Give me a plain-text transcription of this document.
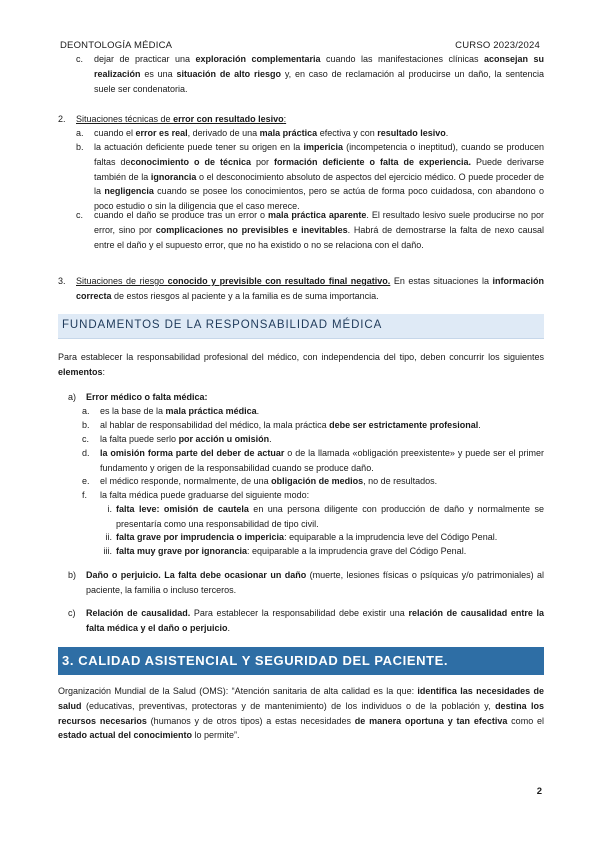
DEONTOLOGÍA MÉDICA	CURSO 2023/2024
c. dejar de practicar una exploración complementaria cuando las manifestaciones clínicas aconsejan su realización es una situación de alto riesgo y, en caso de reclamación al producirse un daño, la sentencia suele ser condenatoria.
2. Situaciones técnicas de error con resultado lesivo:
a. cuando el error es real, derivado de una mala práctica efectiva y con resultado lesivo.
b. la actuación deficiente puede tener su origen en la impericia (incompetencia o ineptitud), cuando se producen faltas deconocimiento o de técnica por formación deficiente o falta de experiencia. Puede derivarse también de la ignorancia o el desconocimiento absoluto de aspectos del ejercicio médico. O puede proceder de la negligencia cuando se posee los conocimientos, pero se actúa de forma poco cuidadosa, con abandono o poco estudio o sin la diligencia que el caso merece.
c. cuando el daño se produce tras un error o mala práctica aparente. El resultado lesivo suele producirse no por error, sino por complicaciones no previsibles e inevitables. Habrá de demostrarse la falta de nexo causal entre el daño y el supuesto error, que no ha existido o no se relaciona con el daño.
3. Situaciones de riesgo conocido y previsible con resultado final negativo. En estas situaciones la información correcta de estos riesgos al paciente y a la familia es de suma importancia.
FUNDAMENTOS DE LA RESPONSABILIDAD MÉDICA
Para establecer la responsabilidad profesional del médico, con independencia del tipo, deben concurrir los siguientes elementos:
a) Error médico o falta médica:
a. es la base de la mala práctica médica.
b. al hablar de responsabilidad del médico, la mala práctica debe ser estrictamente profesional.
c. la falta puede serlo por acción u omisión.
d. la omisión forma parte del deber de actuar o de la llamada «obligación preexistente» y puede ser el primer fundamento y origen de la responsabilidad cuando se produce daño.
e. el médico responde, normalmente, de una obligación de medios, no de resultados.
f. la falta médica puede graduarse del siguiente modo:
i. falta leve: omisión de cautela en una persona diligente con producción de daño y normalmente se presentaría como una responsabilidad de tipo civil.
ii. falta grave por imprudencia o impericia: equiparable a la imprudencia leve del Código Penal.
iii. falta muy grave por ignorancia: equiparable a la imprudencia grave del Código Penal.
b) Daño o perjuicio. La falta debe ocasionar un daño (muerte, lesiones físicas o psíquicas y/o patrimoniales) al paciente, la familia o incluso terceros.
c) Relación de causalidad. Para establecer la responsabilidad debe existir una relación de causalidad entre la falta médica y el daño o perjuicio.
3. CALIDAD ASISTENCIAL Y SEGURIDAD DEL PACIENTE.
Organización Mundial de la Salud (OMS): “Atención sanitaria de alta calidad es la que: identifica las necesidades de salud (educativas, preventivas, protectoras y de mantenimiento) de los individuos o de la población y, destina los recursos necesarios (humanos y de otros tipos) a estas necesidades de manera oportuna y tan efectiva como el estado actual del conocimiento lo permite”.
2
